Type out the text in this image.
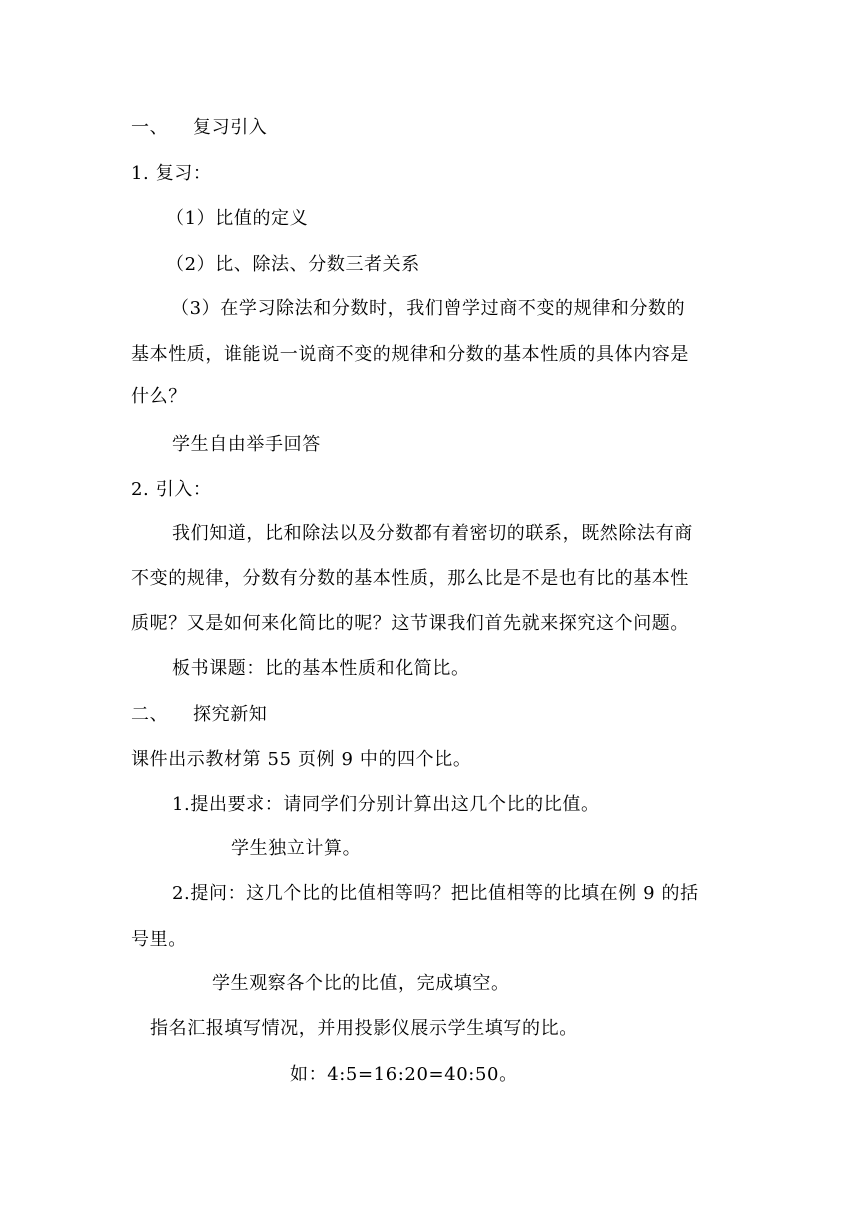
一、 复习引入
1. 复习：
（1）比值的定义
（2）比、除法、分数三者关系
（3）在学习除法和分数时，我们曾学过商不变的规律和分数的
基本性质，谁能说一说商不变的规律和分数的基本性质的具体内容是
什么？
学生自由举手回答
2. 引入：
我们知道，比和除法以及分数都有着密切的联系，既然除法有商
不变的规律，分数有分数的基本性质，那么比是不是也有比的基本性
质呢？又是如何来化简比的呢？这节课我们首先就来探究这个问题。
板书课题：比的基本性质和化简比。
二、 探究新知
课件出示教材第 55 页例 9 中的四个比。
1.提出要求：请同学们分别计算出这几个比的比值。
学生独立计算。
2.提问：这几个比的比值相等吗？把比值相等的比填在例 9 的括
号里。
学生观察各个比的比值，完成填空。
指名汇报填写情况，并用投影仪展示学生填写的比。
如：4:5=16:20=40:50。
